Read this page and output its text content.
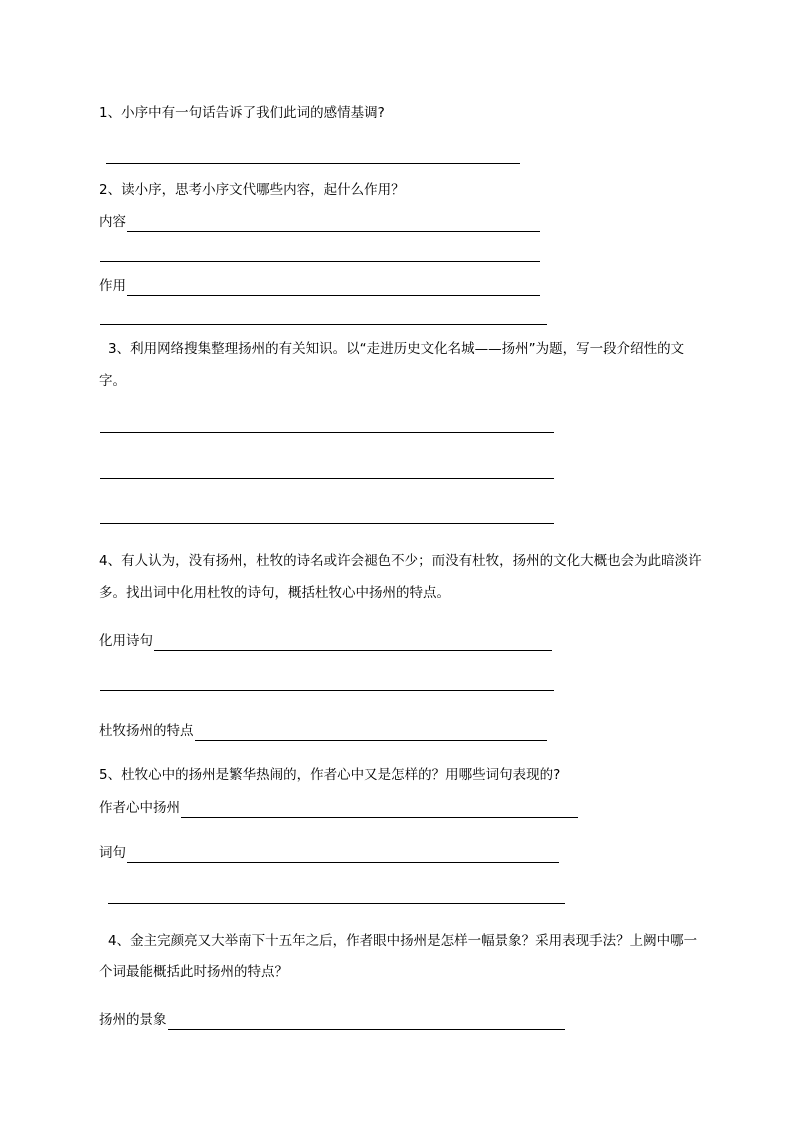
1、小序中有一句话告诉了我们此词的感情基调?
2、读小序，思考小序文代哪些内容，起什么作用？
内容
作用
3、利用网络搜集整理扬州的有关知识。以“走进历史文化名城——扬州”为题，写一段介绍性的文
字。
4、有人认为，没有扬州，杜牧的诗名或许会褪色不少；而没有杜牧，扬州的文化大概也会为此暗淡许
多。找出词中化用杜牧的诗句，概括杜牧心中扬州的特点。
化用诗句
杜牧扬州的特点
5、杜牧心中的扬州是繁华热闹的，作者心中又是怎样的？用哪些词句表现的?
作者心中扬州
词句
4、金主完颜亮又大举南下十五年之后，作者眼中扬州是怎样一幅景象？采用表现手法？上阙中哪一
个词最能概括此时扬州的特点？
扬州的景象
